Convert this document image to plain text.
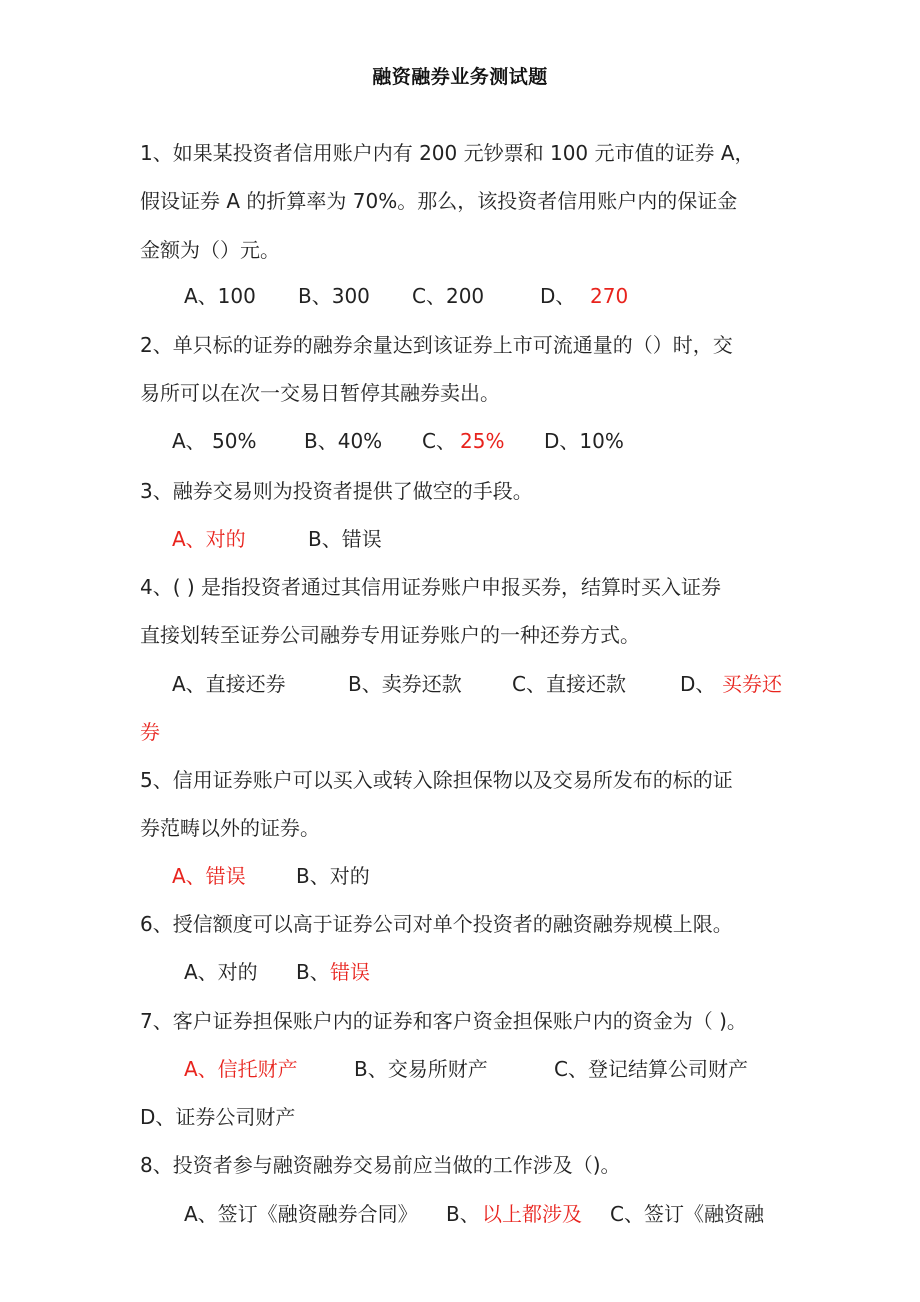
融资融券业务测试题
1、如果某投资者信用账户内有 200 元钞票和 100 元市值的证券 A，
假设证券 A 的折算率为 70%。那么，该投资者信用账户内的保证金
金额为（）元。
A、100 B、300 C、200	D、 270
2、单只标的证券的融券余量达到该证券上市可流通量的（）时，交
易所可以在次一交易日暂停其融券卖出。
A、 50% B、40% C、 25% D、10%
3、融券交易则为投资者提供了做空的手段。
A、对的	B、错误
4、( ) 是指投资者通过其信用证券账户申报买券，结算时买入证券
直接划转至证券公司融券专用证券账户的一种还券方式。
A、直接还券	B、卖券还款	C、直接还款	D、 买券还
券
5、信用证券账户可以买入或转入除担保物以及交易所发布的标的证
券范畴以外的证券。
A、错误	B、对的
6、授信额度可以高于证券公司对单个投资者的融资融券规模上限。
A、对的 B、 错误
7、客户证券担保账户内的证券和客户资金担保账户内的资金为（ )。
A、信托财产	B、交易所财产	C、登记结算公司财产
D、证券公司财产
8、投资者参与融资融券交易前应当做的工作涉及（)。
A、签订《融资融券合同》 B、 以上都涉及 C、签订《融资融
